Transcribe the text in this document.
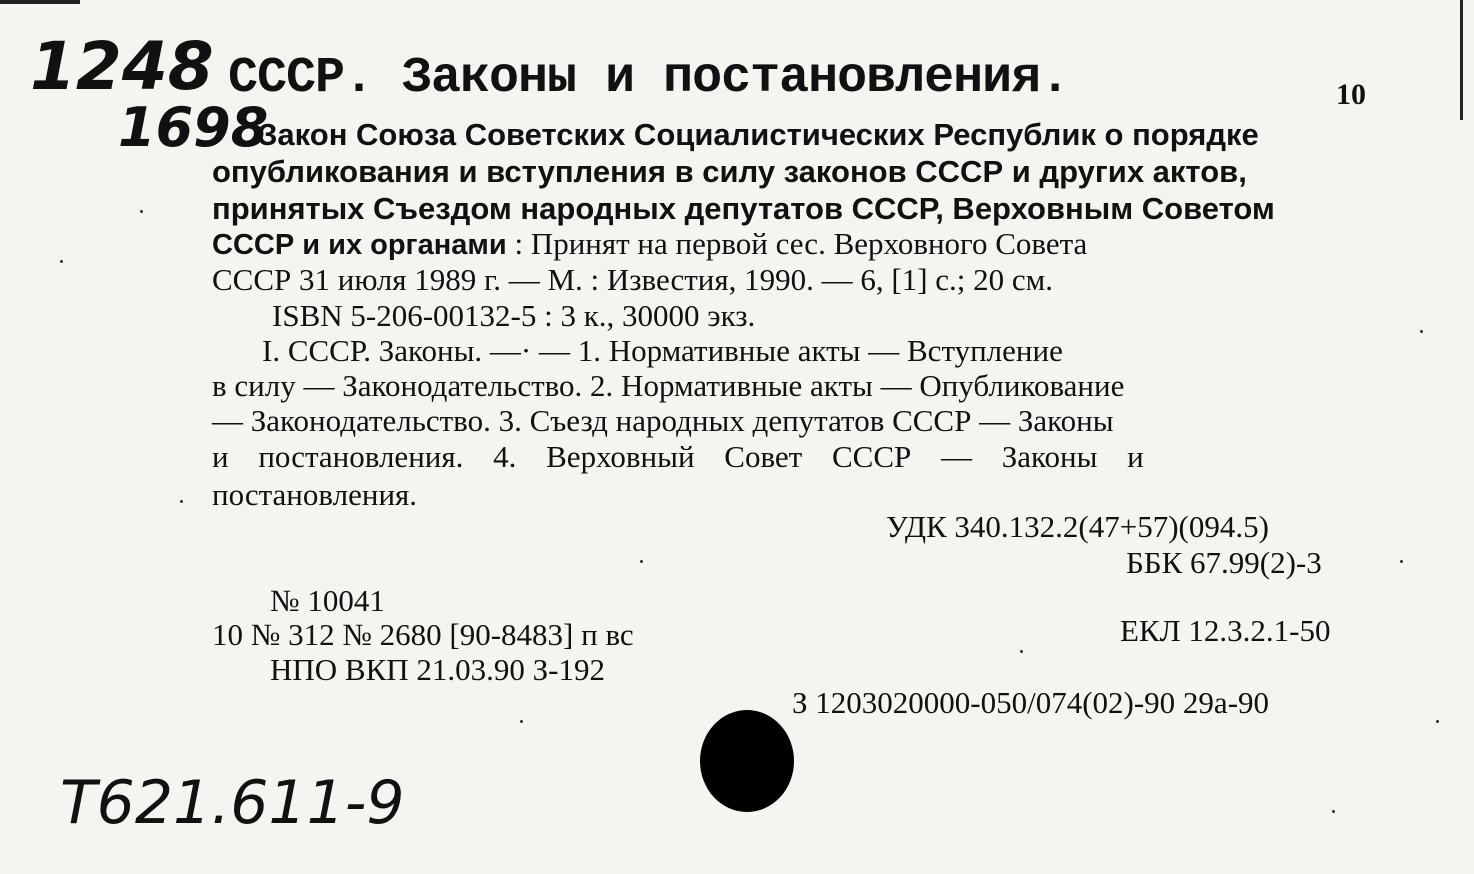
1248
1698
СССР. Законы и постановления.	10
Закон Союза Советских Социалистических Республик о порядке
опубликования и вступления в силу законов СССР и других актов,
принятых Съездом народных депутатов СССР, Верховным Советом
СССР и их органами : Принят на первой сес. Верховного Совета
СССР 31 июля 1989 г. — М. : Известия, 1990. — 6, [1] с.; 20 см.
ISBN 5-206-00132-5 : 3 к., 30000 экз.
I. СССР. Законы. —· — 1. Нормативные акты — Вступление
в силу — Законодательство. 2. Нормативные акты — Опубликование
— Законодательство. 3. Съезд народных депутатов СССР — Законы
и постановления. 4. Верховный Совет СССР — Законы и
постановления.
УДК 340.132.2(47+57)(094.5)
ББК 67.99(2)-3
№ 10041
10 № 312 № 2680 [90-8483] п вс	ЕКЛ 12.3.2.1-50
НПО ВКП 21.03.90 З-192
З 1203020000-050/074(02)-90 29а-90
Т621.611-9
